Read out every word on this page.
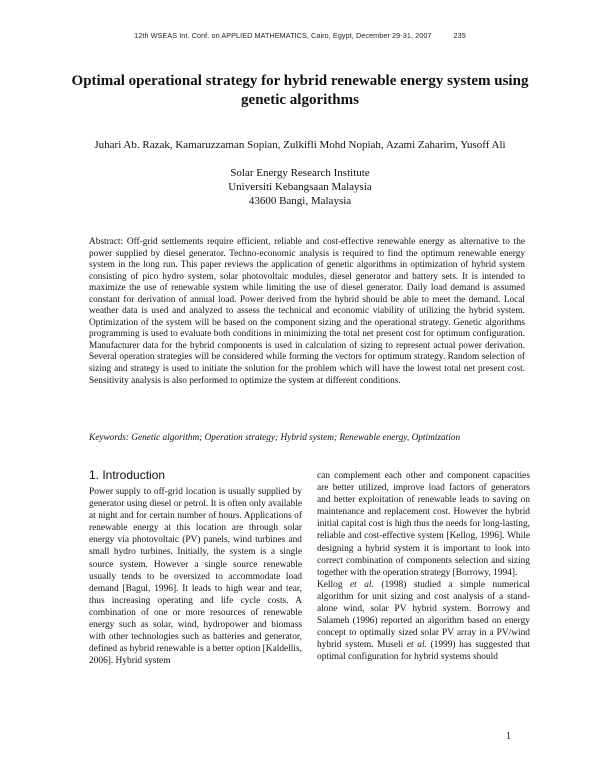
12th WSEAS Int. Conf. on APPLIED MATHEMATICS, Cairo, Egypt, December 29-31, 2007	235
Optimal operational strategy for hybrid renewable energy system using genetic algorithms

Juhari Ab. Razak, Kamaruzzaman Sopian, Zulkifli Mohd Nopiah, Azami Zaharim, Yusoff Ali

Solar Energy Research Institute
Universiti Kebangsaan Malaysia
43600 Bangi, Malaysia

Abstract: Off-grid settlements require efficient, reliable and cost-effective renewable energy as alternative to the power supplied by diesel generator. Techno-economic analysis is required to find the optimum renewable energy system in the long run. This paper reviews the application of genetic algorithms in optimization of hybrid system consisting of pico hydro system, solar photovoltaic modules, diesel generator and battery sets. It is intended to maximize the use of renewable system while limiting the use of diesel generator. Daily load demand is assumed constant for derivation of annual load. Power derived from the hybrid should be able to meet the demand. Local weather data is used and analyzed to assess the technical and economic viability of utilizing the hybrid system. Optimization of the system will be based on the component sizing and the operational strategy. Genetic algorithms programming is used to evaluate both conditions in minimizing the total net present cost for optimum configuration. Manufacturer data for the hybrid components is used in calculation of sizing to represent actual power derivation. Several operation strategies will be considered while forming the vectors for optimum strategy. Random selection of sizing and strategy is used to initiate the solution for the problem which will have the lowest total net present cost. Sensitivity analysis is also performed to optimize the system at different conditions.

Keywords: Genetic algorithm; Operation strategy; Hybrid system; Renewable energy, Optimization

1. Introduction

Power supply to off-grid location is usually supplied by generator using diesel or petrol. It is often only available at night and for certain number of hours. Applications of renewable energy at this location are through solar energy via photovoltaic (PV) panels, wind turbines and small hydro turbines. Initially, the system is a single source system. However a single source renewable usually tends to be oversized to accommodate load demand [Bagul, 1996]. It leads to high wear and tear, thus increasing operating and life cycle costs. A combination of one or more resources of renewable energy such as solar, wind, hydropower and biomass with other technologies such as batteries and generator, defined as hybrid renewable is a better option [Kaldellis, 2006]. Hybrid system

can complement each other and component capacities are better utilized, improve load factors of generators and better exploitation of renewable leads to saving on maintenance and replacement cost. However the hybrid initial capital cost is high thus the needs for long-lasting, reliable and cost-effective system [Kellog, 1996]. While designing a hybrid system it is important to look into correct combination of components selection and sizing together with the operation strategy [Borrowy, 1994].

Kellog et al. (1998) studied a simple numerical algorithm for unit sizing and cost analysis of a stand-alone wind, solar PV hybrid system. Borrowy and Salameh (1996) reported an algorithm based on energy concept to optimally sized solar PV array in a PV/wind hybrid system. Museli et al. (1999) has suggested that optimal configuration for hybrid systems should

1
